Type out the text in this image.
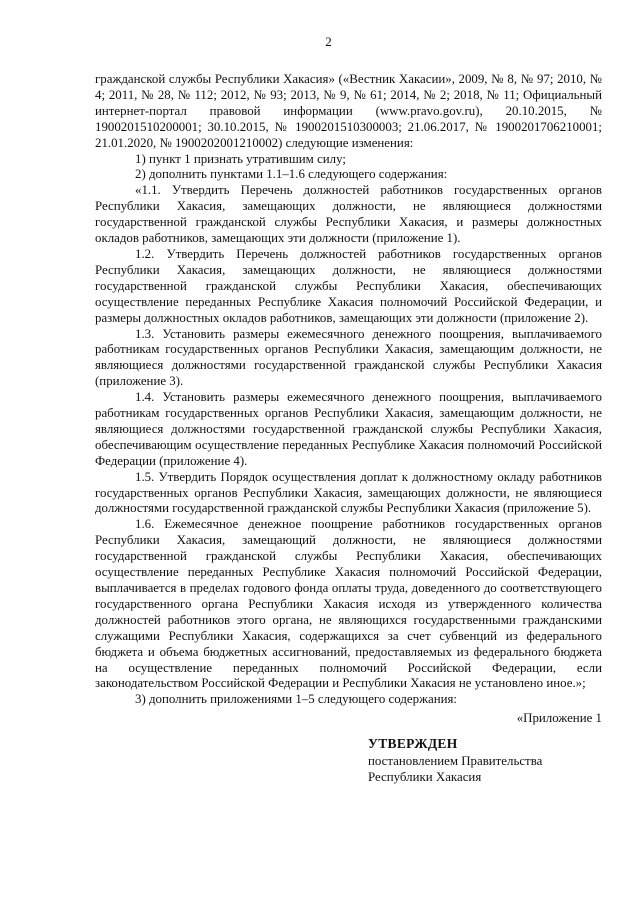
2

гражданской службы Республики Хакасия» («Вестник Хакасии», 2009, № 8, № 97; 2010, № 4; 2011, № 28, № 112; 2012, № 93; 2013, № 9, № 61; 2014, № 2; 2018, № 11; Официальный интернет-портал правовой информации (www.pravo.gov.ru), 20.10.2015, № 1900201510200001; 30.10.2015, № 1900201510300003; 21.06.2017, № 1900201706210001; 21.01.2020, № 1900202001210002) следующие изменения:

1) пункт 1 признать утратившим силу;

2) дополнить пунктами 1.1–1.6 следующего содержания:

«1.1. Утвердить Перечень должностей работников государственных органов Республики Хакасия, замещающих должности, не являющиеся должностями государственной гражданской службы Республики Хакасия, и размеры должностных окладов работников, замещающих эти должности (приложение 1).

1.2. Утвердить Перечень должностей работников государственных органов Республики Хакасия, замещающих должности, не являющиеся должностями государственной гражданской службы Республики Хакасия, обеспечивающих осуществление переданных Республике Хакасия полномочий Российской Федерации, и размеры должностных окладов работников, замещающих эти должности (приложение 2).

1.3. Установить размеры ежемесячного денежного поощрения, выплачиваемого работникам государственных органов Республики Хакасия, замещающим должности, не являющиеся должностями государственной гражданской службы Республики Хакасия (приложение 3).

1.4. Установить размеры ежемесячного денежного поощрения, выплачиваемого работникам государственных органов Республики Хакасия, замещающим должности, не являющиеся должностями государственной гражданской службы Республики Хакасия, обеспечивающим осуществление переданных Республике Хакасия полномочий Российской Федерации (приложение 4).

1.5. Утвердить Порядок осуществления доплат к должностному окладу работников государственных органов Республики Хакасия, замещающих должности, не являющиеся должностями государственной гражданской службы Республики Хакасия (приложение 5).

1.6. Ежемесячное денежное поощрение работников государственных органов Республики Хакасия, замещающий должности, не являющиеся должностями государственной гражданской службы Республики Хакасия, обеспечивающих осуществление переданных Республике Хакасия полномочий Российской Федерации, выплачивается в пределах годового фонда оплаты труда, доведенного до соответствующего государственного органа Республики Хакасия исходя из утвержденного количества должностей работников этого органа, не являющихся государственными гражданскими служащими Республики Хакасия, содержащихся за счет субвенций из федерального бюджета и объема бюджетных ассигнований, предоставляемых из федерального бюджета на осуществление переданных полномочий Российской Федерации, если законодательством Российской Федерации и Республики Хакасия не установлено иное.»;

3) дополнить приложениями 1–5 следующего содержания:

«Приложение 1
УТВЕРЖДЕН
постановлением Правительства
Республики Хакасия
